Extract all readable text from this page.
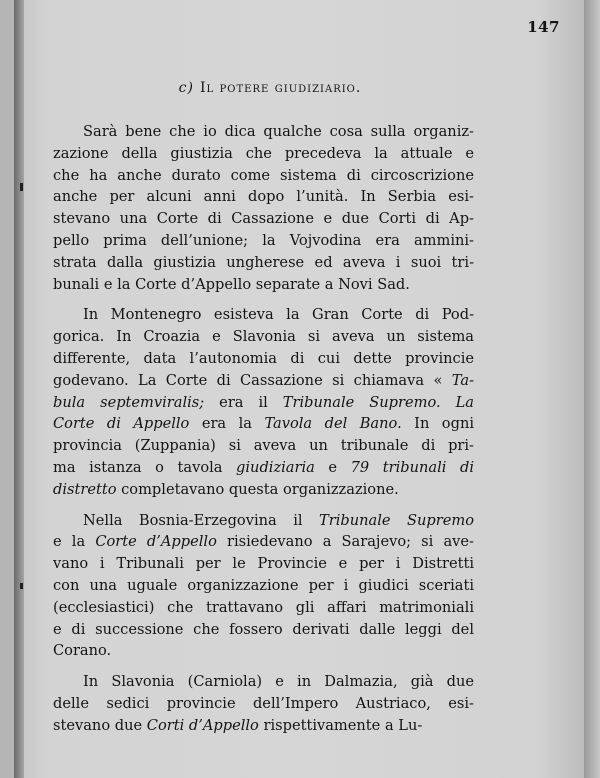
147
c) Il potere giudiziario.
Sarà bene che io dica qualche cosa sulla organiz-
zazione della giustizia che precedeva la attuale e
che ha anche durato come sistema di circoscrizione
anche per alcuni anni dopo l’unità. In Serbia esi-
stevano una Corte di Cassazione e due Corti di Ap-
pello prima dell’unione; la Vojvodina era ammini-
strata dalla giustizia ungherese ed aveva i suoi tri-
bunali e la Corte d’Appello separate a Novi Sad.
In Montenegro esisteva la Gran Corte di Pod-
gorica. In Croazia e Slavonia si aveva un sistema
differente, data l’autonomia di cui dette provincie
godevano. La Corte di Cassazione si chiamava « Ta-
bula septemviralis; era il Tribunale Supremo. La
Corte di Appello era la Tavola del Bano. In ogni
provincia (Zuppania) si aveva un tribunale di pri-
ma istanza o tavola giudiziaria e 79 tribunali di
distretto completavano questa organizzazione.
Nella Bosnia-Erzegovina il Tribunale Supremo
e la Corte d’Appello risiedevano a Sarajevo; si ave-
vano i Tribunali per le Provincie e per i Distretti
con una uguale organizzazione per i giudici sceriati
(ecclesiastici) che trattavano gli affari matrimoniali
e di successione che fossero derivati dalle leggi del
Corano.
In Slavonia (Carniola) e in Dalmazia, già due
delle sedici provincie dell’Impero Austriaco, esi-
stevano due Corti d’Appello rispettivamente a Lu-
